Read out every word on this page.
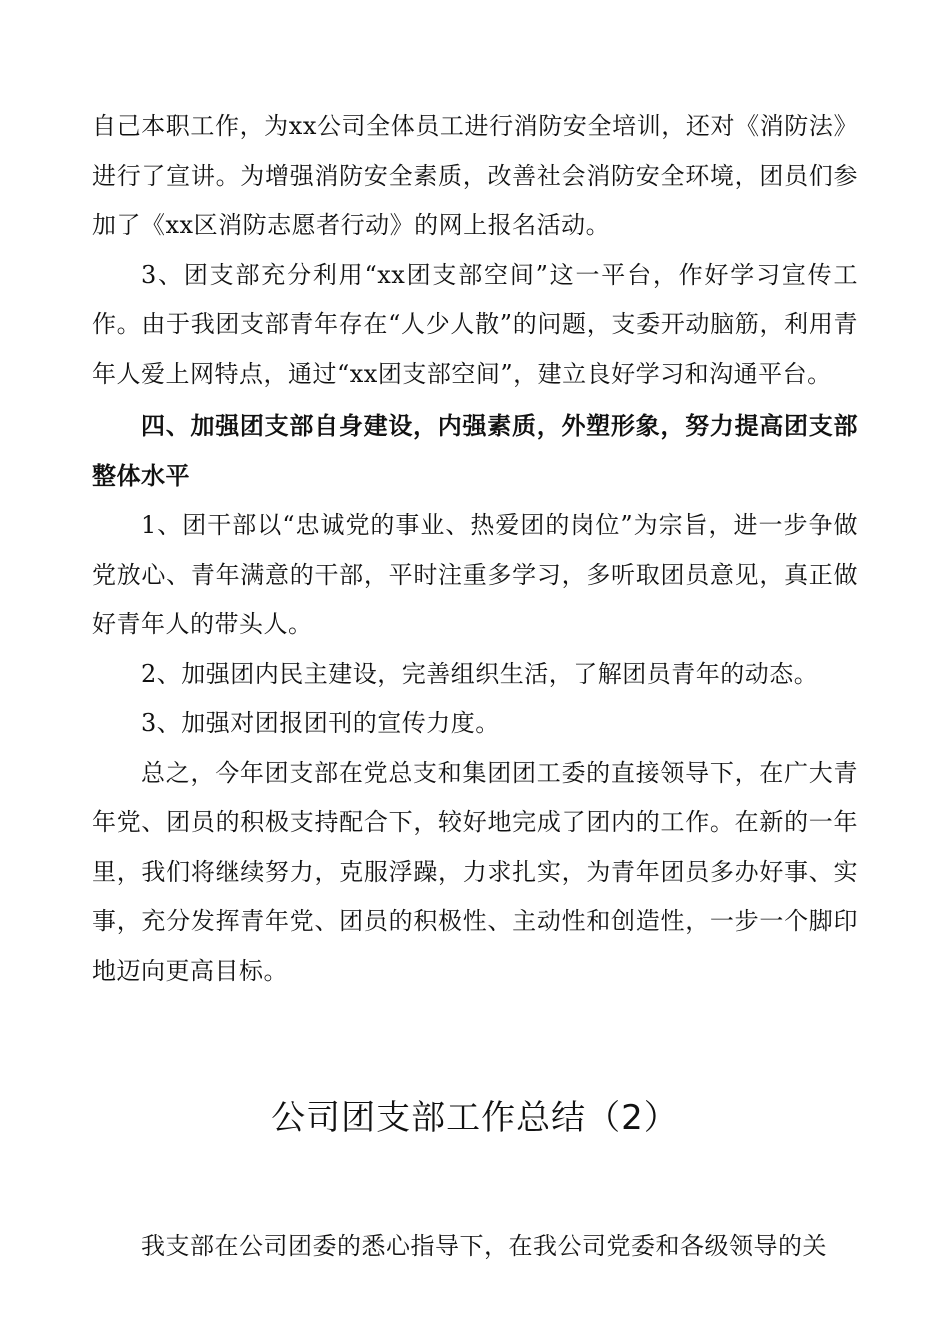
自己本职工作，为xx公司全体员工进行消防安全培训，还对《消防法》进行了宣讲。为增强消防安全素质，改善社会消防安全环境，团员们参加了《xx区消防志愿者行动》的网上报名活动。

3、团支部充分利用“xx团支部空间”这一平台，作好学习宣传工作。由于我团支部青年存在“人少人散”的问题，支委开动脑筋，利用青年人爱上网特点，通过“xx团支部空间”，建立良好学习和沟通平台。

四、加强团支部自身建设，内强素质，外塑形象，努力提高团支部整体水平

1、团干部以“忠诚党的事业、热爱团的岗位”为宗旨，进一步争做党放心、青年满意的干部，平时注重多学习，多听取团员意见，真正做好青年人的带头人。

2、加强团内民主建设，完善组织生活，了解团员青年的动态。

3、加强对团报团刊的宣传力度。

总之，今年团支部在党总支和集团团工委的直接领导下，在广大青年党、团员的积极支持配合下，较好地完成了团内的工作。在新的一年里，我们将继续努力，克服浮躁，力求扎实，为青年团员多办好事、实事，充分发挥青年党、团员的积极性、主动性和创造性，一步一个脚印地迈向更高目标。

公司团支部工作总结（2）

我支部在公司团委的悉心指导下，在我公司党委和各级领导的关
